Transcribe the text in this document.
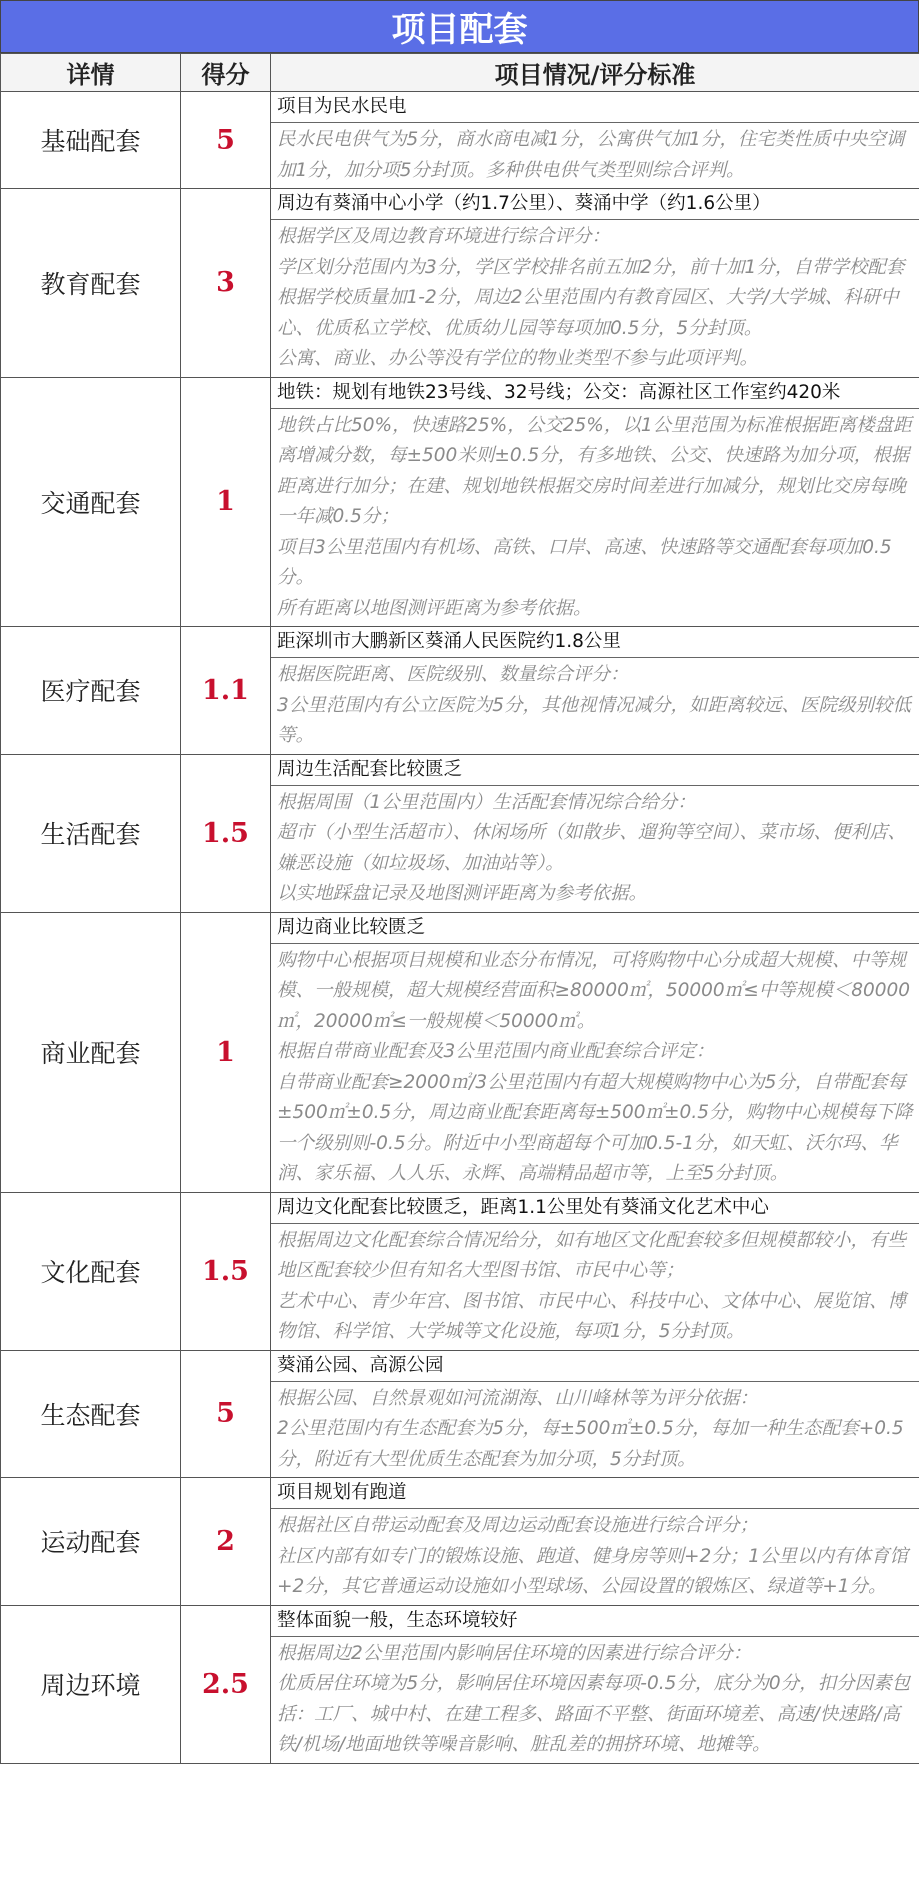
项目配套
详情	得分	项目情况/评分标准
基础配套	5	项目为民水民电

民水民电供气为5分，商水商电减1分，公寓供气加1分，住宅类性质中央空调加1分，加分项5分封顶。多种供电供气类型则综合评判。

教育配套	3	周边有葵涌中心小学（约1.7公里）、葵涌中学（约1.6公里）

根据学区及周边教育环境进行综合评分：

学区划分范围内为3分，学区学校排名前五加2分，前十加1分，自带学校配套根据学校质量加1-2分，周边2公里范围内有教育园区、大学/大学城、科研中心、优质私立学校、优质幼儿园等每项加0.5分，5分封顶。

公寓、商业、办公等没有学位的物业类型不参与此项评判。

交通配套	1	地铁：规划有地铁23号线、32号线；公交：高源社区工作室约420米

地铁占比50%，快速路25%，公交25%，以1公里范围为标准根据距离楼盘距离增减分数，每±500米则±0.5分，有多地铁、公交、快速路为加分项，根据距离进行加分；在建、规划地铁根据交房时间差进行加减分，规划比交房每晚一年减0.5分；

项目3公里范围内有机场、高铁、口岸、高速、快速路等交通配套每项加0.5分。

所有距离以地图测评距离为参考依据。

医疗配套	1.1	距深圳市大鹏新区葵涌人民医院约1.8公里

根据医院距离、医院级别、数量综合评分：

3公里范围内有公立医院为5分，其他视情况减分，如距离较远、医院级别较低等。

生活配套	1.5	周边生活配套比较匮乏

根据周围（1公里范围内）生活配套情况综合给分：

超市（小型生活超市）、休闲场所（如散步、遛狗等空间）、菜市场、便利店、嫌恶设施（如垃圾场、加油站等）。

以实地踩盘记录及地图测评距离为参考依据。

商业配套	1	周边商业比较匮乏

购物中心根据项目规模和业态分布情况，可将购物中心分成超大规模、中等规模、一般规模，超大规模经营面积≥80000㎡，50000㎡≤中等规模＜80000㎡，20000㎡≤一般规模＜50000㎡。

根据自带商业配套及3公里范围内商业配套综合评定：

自带商业配套≥2000㎡/3公里范围内有超大规模购物中心为5分，自带配套每±500㎡±0.5分，周边商业配套距离每±500㎡±0.5分，购物中心规模每下降一个级别则-0.5分。附近中小型商超每个可加0.5-1分，如天虹、沃尔玛、华润、家乐福、人人乐、永辉、高端精品超市等，上至5分封顶。

文化配套	1.5	周边文化配套比较匮乏，距离1.1公里处有葵涌文化艺术中心

根据周边文化配套综合情况给分，如有地区文化配套较多但规模都较小，有些地区配套较少但有知名大型图书馆、市民中心等；

艺术中心、青少年宫、图书馆、市民中心、科技中心、文体中心、展览馆、博物馆、科学馆、大学城等文化设施，每项1分，5分封顶。

生态配套	5	葵涌公园、高源公园

根据公园、自然景观如河流湖海、山川峰林等为评分依据：

2公里范围内有生态配套为5分，每±500㎡±0.5分，每加一种生态配套+0.5分，附近有大型优质生态配套为加分项，5分封顶。

运动配套	2	项目规划有跑道

根据社区自带运动配套及周边运动配套设施进行综合评分；

社区内部有如专门的锻炼设施、跑道、健身房等则+2分；1公里以内有体育馆+2分，其它普通运动设施如小型球场、公园设置的锻炼区、绿道等+1分。

周边环境	2.5	整体面貌一般，生态环境较好

根据周边2公里范围内影响居住环境的因素进行综合评分：

优质居住环境为5分，影响居住环境因素每项-0.5分，底分为0分，扣分因素包括：工厂、城中村、在建工程多、路面不平整、街面环境差、高速/快速路/高铁/机场/地面地铁等噪音影响、脏乱差的拥挤环境、地摊等。
